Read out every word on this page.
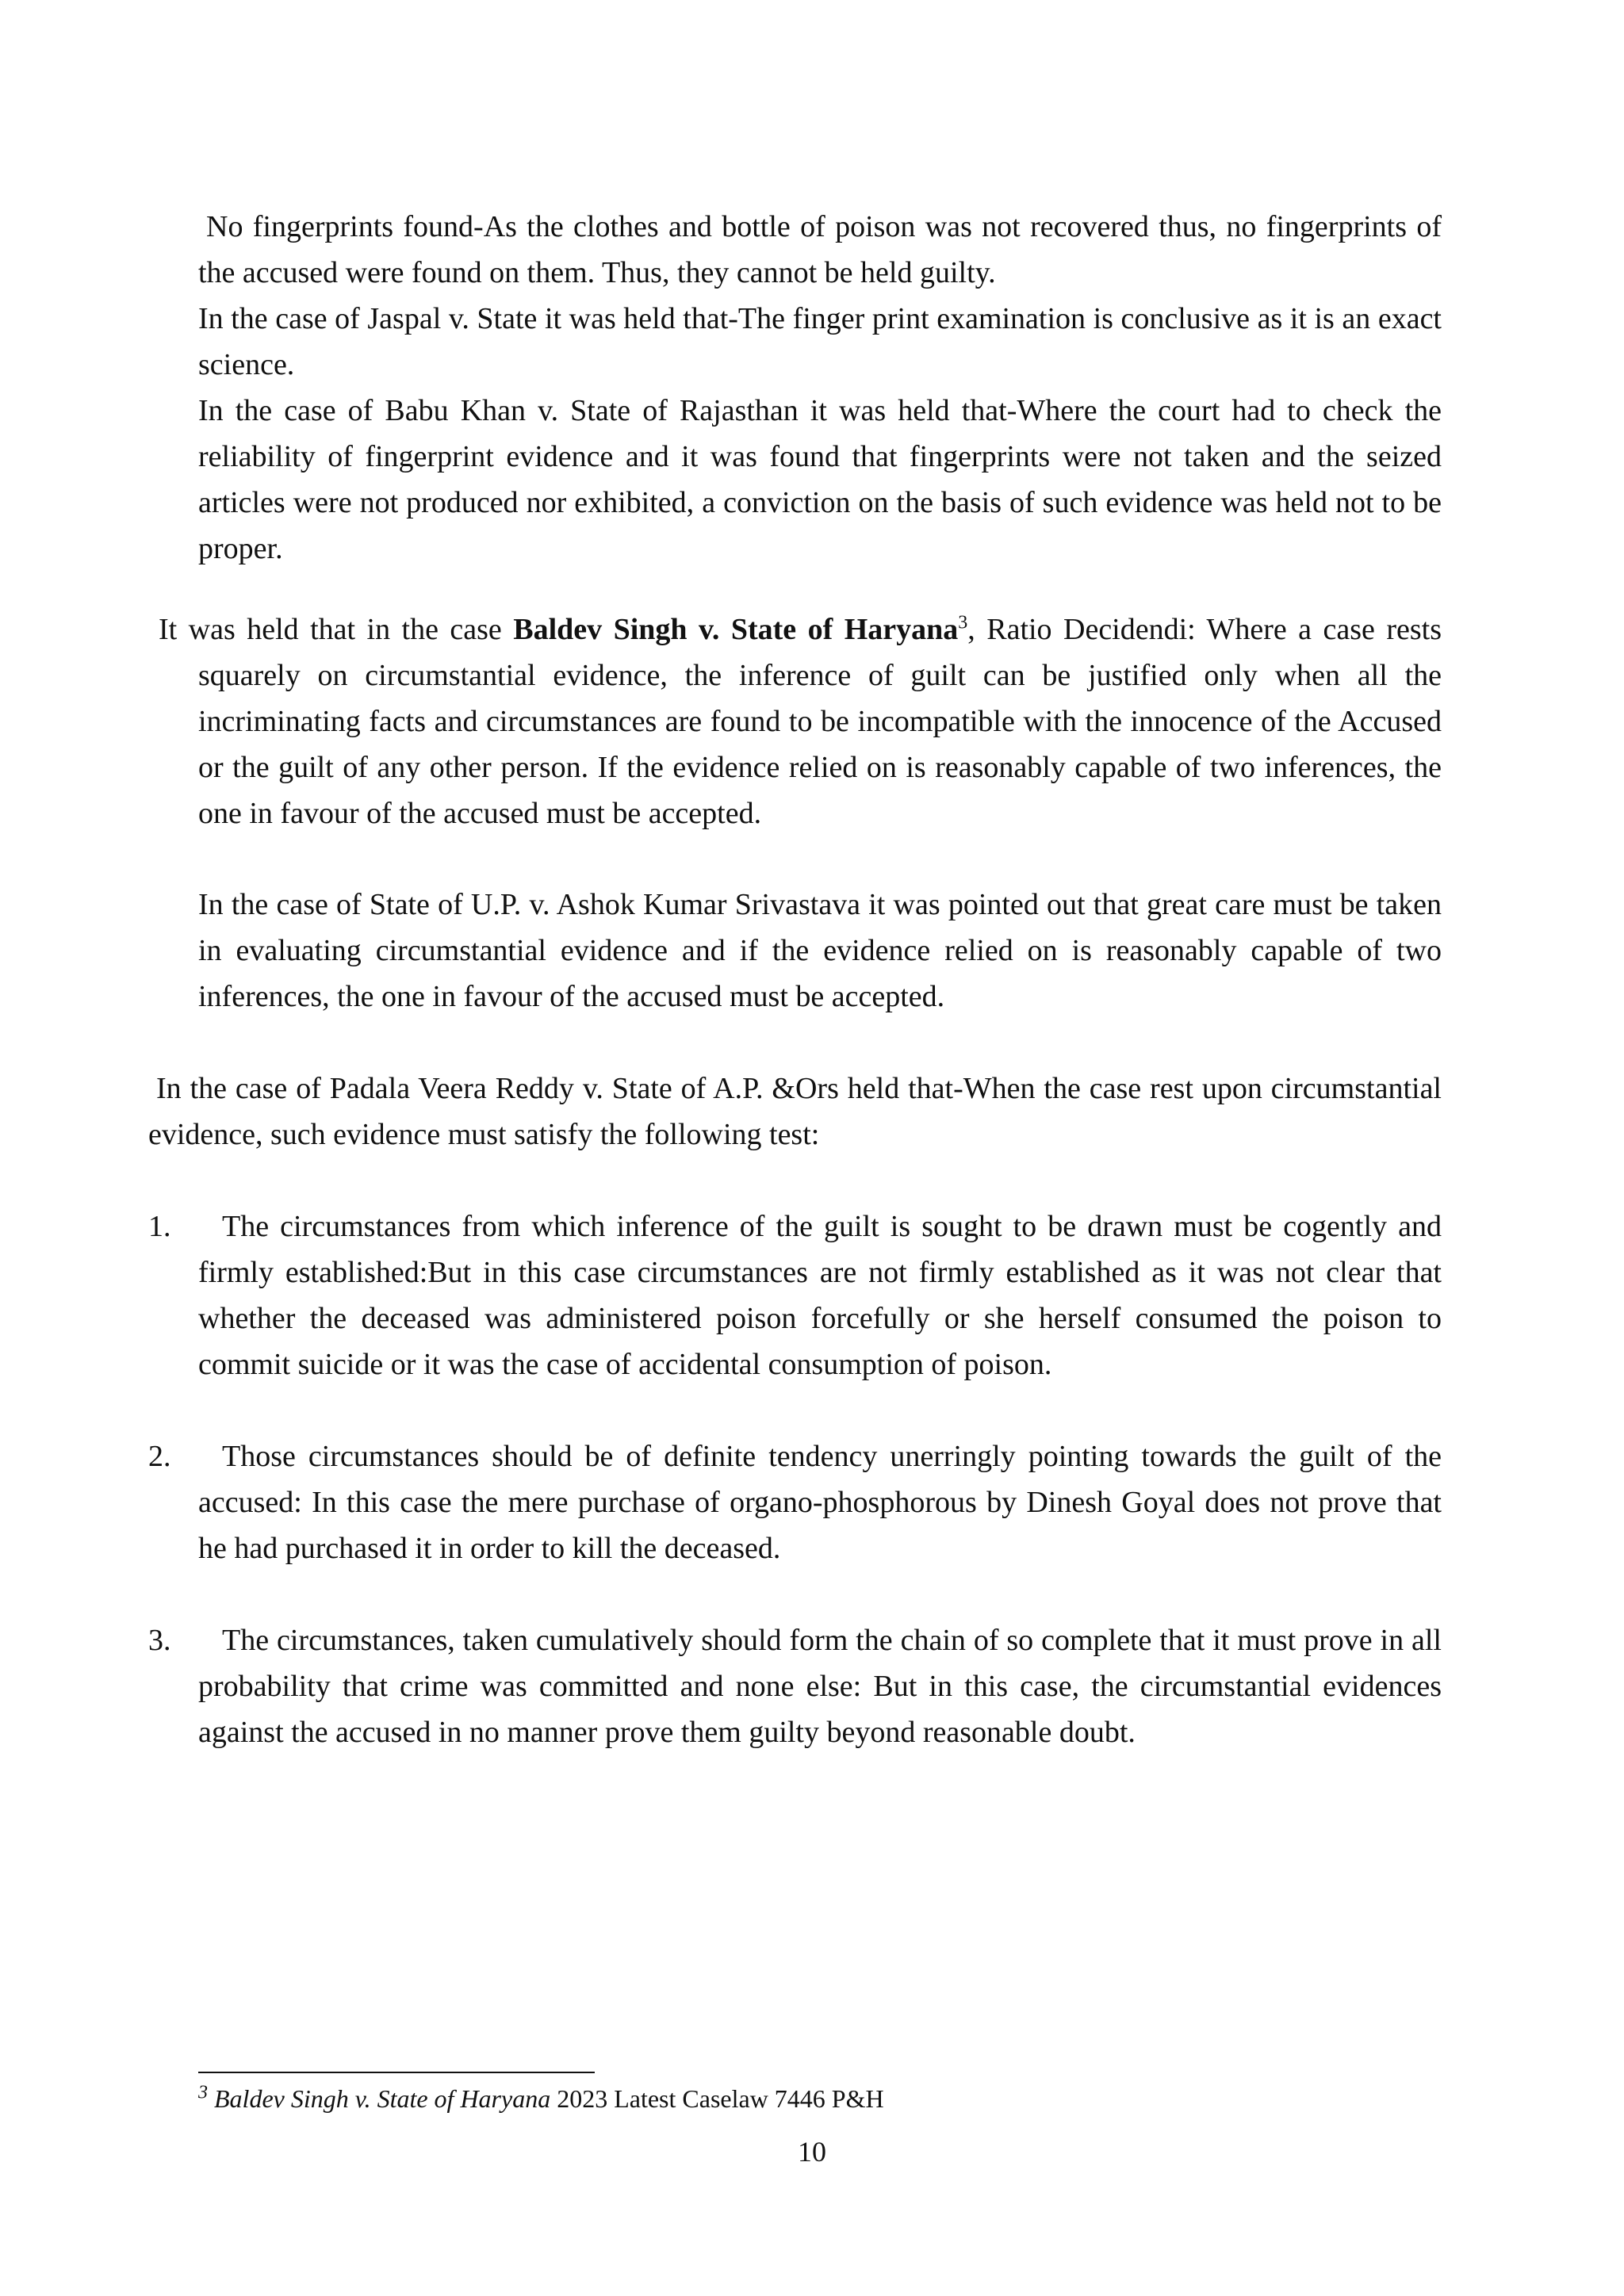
No fingerprints found-As the clothes and bottle of poison was not recovered thus, no fingerprints of the accused were found on them. Thus, they cannot be held guilty.
In the case of Jaspal v. State it was held that-The finger print examination is conclusive as it is an exact science.
In the case of Babu Khan v. State of Rajasthan it was held that-Where the court had to check the reliability of fingerprint evidence and it was found that fingerprints were not taken and the seized articles were not produced nor exhibited, a conviction on the basis of such evidence was held not to be proper.

It was held that in the case Baldev Singh v. State of Haryana$^3$, Ratio Decidendi: Where a case rests squarely on circumstantial evidence, the inference of guilt can be justified only when all the incriminating facts and circumstances are found to be incompatible with the innocence of the Accused or the guilt of any other person. If the evidence relied on is reasonably capable of two inferences, the one in favour of the accused must be accepted.

In the case of State of U.P. v. Ashok Kumar Srivastava it was pointed out that great care must be taken in evaluating circumstantial evidence and if the evidence relied on is reasonably capable of two inferences, the one in favour of the accused must be accepted.

In the case of Padala Veera Reddy v. State of A.P. &Ors held that-When the case rest upon circumstantial evidence, such evidence must satisfy the following test:

1.	The circumstances from which inference of the guilt is sought to be drawn must be cogently and firmly established:But in this case circumstances are not firmly established as it was not clear that whether the deceased was administered poison forcefully or she herself consumed the poison to commit suicide or it was the case of accidental consumption of poison.

2.	Those circumstances should be of definite tendency unerringly pointing towards the guilt of the accused: In this case the mere purchase of organo-phosphorous by Dinesh Goyal does not prove that he had purchased it in order to kill the deceased.

3.	The circumstances, taken cumulatively should form the chain of so complete that it must prove in all probability that crime was committed and none else: But in this case, the circumstantial evidences against the accused in no manner prove them guilty beyond reasonable doubt.

$^3$ Baldev Singh v. State of Haryana 2023 Latest Caselaw 7446 P&H
10
